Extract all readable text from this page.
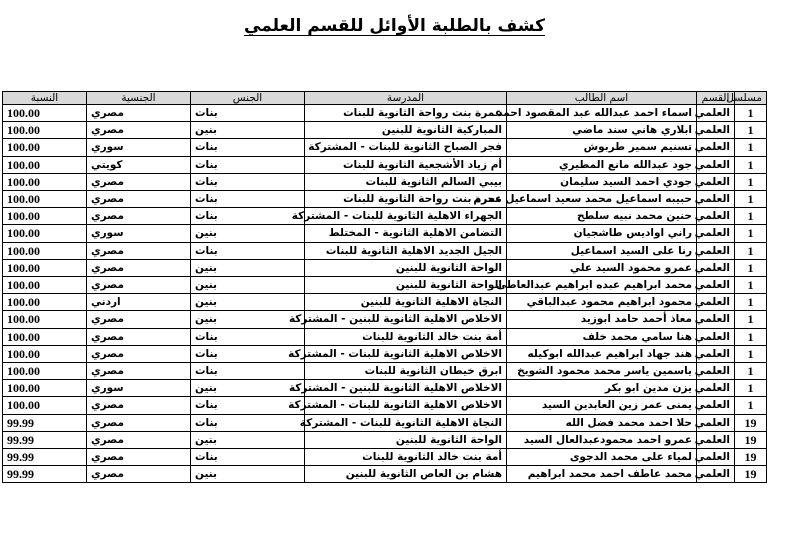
كشف بالطلبة الأوائل للقسم العلمي
مسلسل	القسم	اسم الطالب	المدرسة	الجنس	الجنسية	النسبة
1	العلمي	اسماء احمد عبدالله عبد المقصود احمد	عمرة بنت رواحة الثانوية للبنات	بنات	مصري	100.00
1	العلمي	ابلاري هاني سند ماضي	المباركية الثانوية للبنين	بنين	مصري	100.00
1	العلمي	تسنيم سمير طربوش	فجر الصباح الثانوية للبنات - المشتركة	بنات	سوري	100.00
1	العلمي	جود عبدالله مانع المطيري	أم زياد الأشجعية الثانوية للبنات	بنات	كويتي	100.00
1	العلمي	جودي احمد السيد سليمان	بيبي السالم الثانوية للبنات	بنات	مصري	100.00
1	العلمي	حبيبه اسماعيل محمد سعيد اسماعيل محرم	عمرة بنت رواحة الثانوية للبنات	بنات	مصري	100.00
1	العلمي	حنين محمد نبيه سلطح	الجهراء الاهلية الثانوية للبنات - المشتركة	بنات	مصري	100.00
1	العلمي	راني اواديس طاشجيان	التضامن الاهلية الثانوية - المختلط	بنين	سوري	100.00
1	العلمي	رنا على السيد اسماعيل	الجيل الجديد الاهلية الثانوية للبنات	بنات	مصري	100.00
1	العلمي	عمرو محمود السيد علي	الواحة الثانوية للبنين	بنين	مصري	100.00
1	العلمي	محمد ابراهيم عبده ابراهيم عبدالعاطى	الواحة الثانوية للبنين	بنين	مصري	100.00
1	العلمي	محمود ابراهيم محمود عبدالباقي	النجاة الاهلية الثانوية للبنين	بنين	اردني	100.00
1	العلمي	معاذ أحمد حامد ابوزيد	الاخلاص الاهلية الثانوية للبنين - المشتركة	بنين	مصري	100.00
1	العلمي	هنا سامي محمد خلف	أمة بنت خالد الثانوية للبنات	بنات	مصري	100.00
1	العلمي	هند جهاد ابراهيم عبدالله ابوكيله	الاخلاص الاهلية الثانوية للبنات - المشتركة	بنات	مصري	100.00
1	العلمي	ياسمين ياسر محمد محمود الشويخ	ابرق خيطان الثانوية للبنات	بنات	مصري	100.00
1	العلمي	يزن مدين ابو بكر	الاخلاص الاهلية الثانوية للبنين - المشتركة	بنين	سوري	100.00
1	العلمي	يمنى عمر زين العابدين السيد	الاخلاص الاهلية الثانوية للبنات - المشتركة	بنات	مصري	100.00
19	العلمي	حلا احمد محمد فضل الله	النجاة الاهلية الثانوية للبنات - المشتركة	بنات	مصري	99.99
19	العلمي	عمرو احمد محمودعبدالعال السيد	الواحة الثانوية للبنين	بنين	مصري	99.99
19	العلمي	لمياء على محمد الدجوى	أمة بنت خالد الثانوية للبنات	بنات	مصري	99.99
19	العلمي	محمد عاطف احمد محمد ابراهيم	هشام بن العاص الثانوية للبنين	بنين	مصري	99.99
